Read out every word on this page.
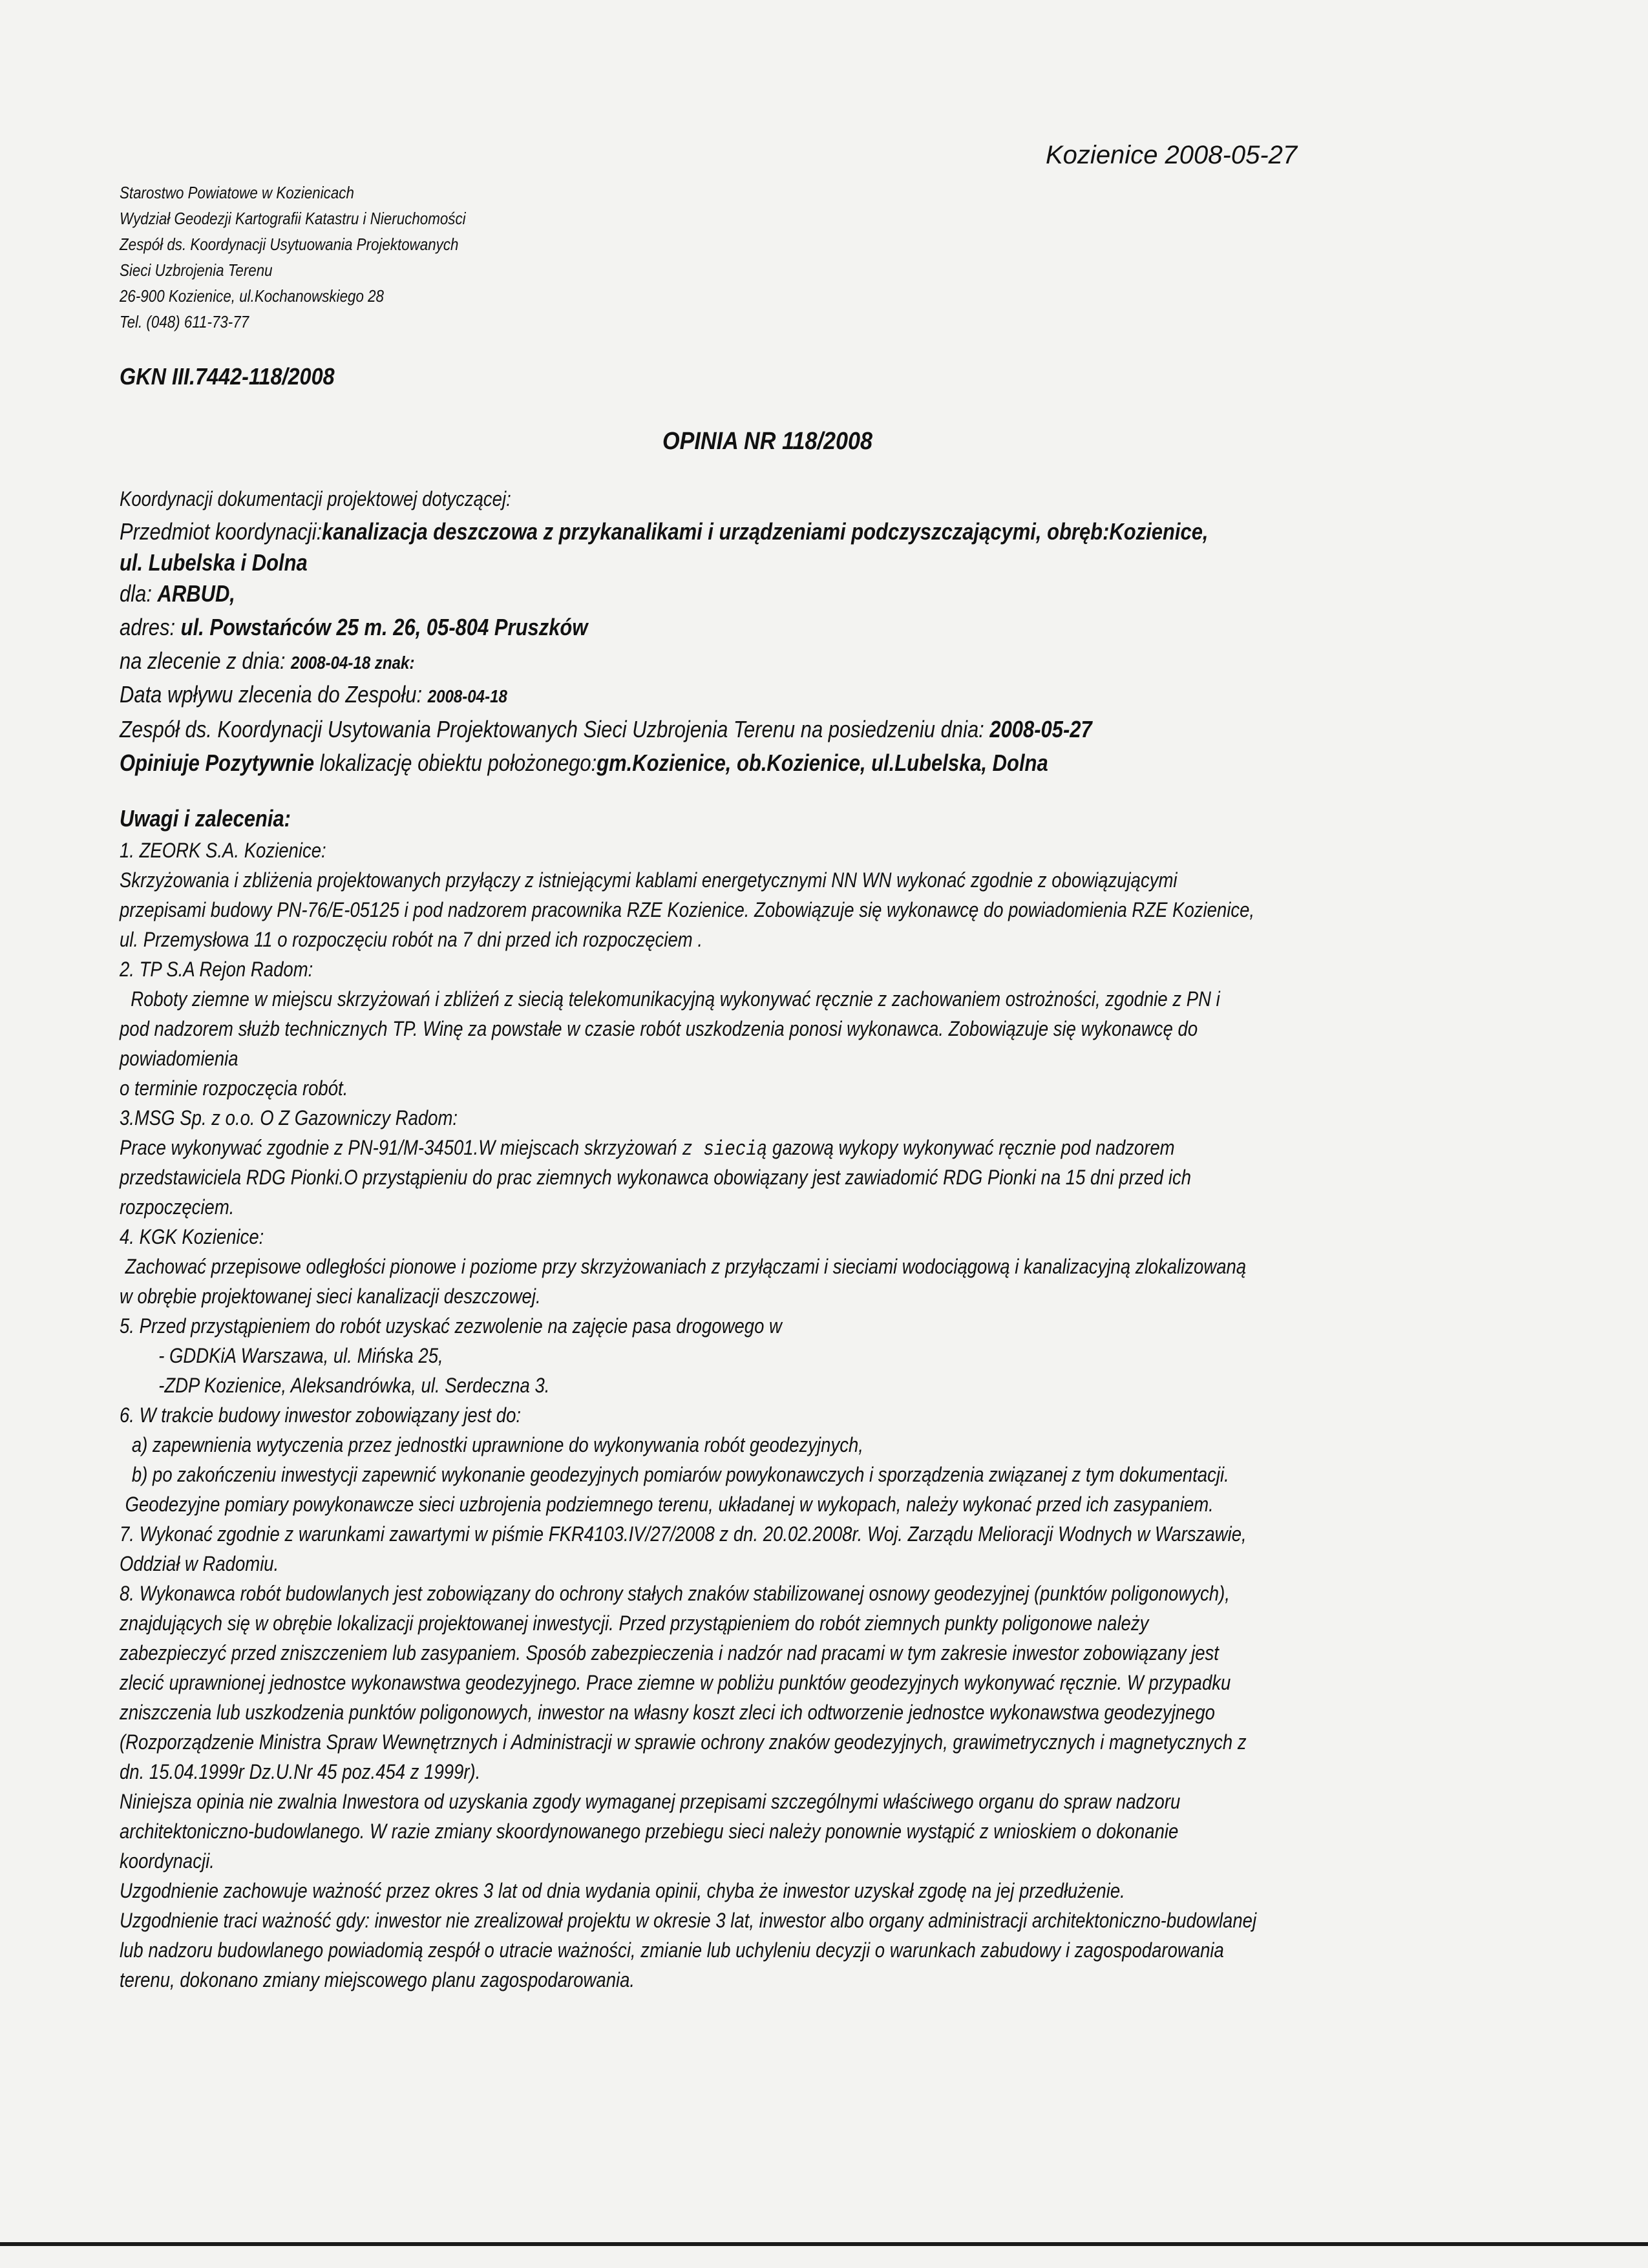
Kozienice 2008-05-27
Starostwo Powiatowe w Kozienicach
Wydział Geodezji Kartografii Katastru i Nieruchomości
Zespół ds. Koordynacji Usytuowania Projektowanych
Sieci Uzbrojenia Terenu
26-900 Kozienice, ul.Kochanowskiego 28
Tel. (048) 611-73-77
GKN III.7442-118/2008
OPINIA NR 118/2008
Koordynacji dokumentacji projektowej dotyczącej:
Przedmiot koordynacji:kanalizacja deszczowa z przykanalikami i urządzeniami podczyszczającymi, obręb:Kozienice,
ul. Lubelska i Dolna
dla: ARBUD,
adres: ul. Powstańców 25 m. 26, 05-804 Pruszków
na zlecenie z dnia: 2008-04-18 znak:
Data wpływu zlecenia do Zespołu: 2008-04-18
Zespół ds. Koordynacji Usytowania Projektowanych Sieci Uzbrojenia Terenu na posiedzeniu dnia: 2008-05-27
Opiniuje Pozytywnie lokalizację obiektu położonego:gm.Kozienice, ob.Kozienice, ul.Lubelska, Dolna
Uwagi i zalecenia:
1. ZEORK S.A. Kozienice:
Skrzyżowania i zbliżenia projektowanych przyłączy z istniejącymi kablami energetycznymi NN WN wykonać zgodnie z obowiązującymi
przepisami budowy PN-76/E-05125 i pod nadzorem pracownika RZE Kozienice. Zobowiązuje się wykonawcę do powiadomienia RZE Kozienice,
ul. Przemysłowa 11 o rozpoczęciu robót na 7 dni przed ich rozpoczęciem .
2. TP S.A Rejon Radom:
Roboty ziemne w miejscu skrzyżowań i zbliżeń z siecią telekomunikacyjną wykonywać ręcznie z zachowaniem ostrożności, zgodnie z PN i
pod nadzorem służb technicznych TP. Winę za powstałe w czasie robót uszkodzenia ponosi wykonawca. Zobowiązuje się wykonawcę do
powiadomienia
o terminie rozpoczęcia robót.
3.MSG Sp. z o.o. O Z Gazowniczy Radom:
Prace wykonywać zgodnie z PN-91/M-34501.W miejscach skrzyżowań z siecią gazową wykopy wykonywać ręcznie pod nadzorem
przedstawiciela RDG Pionki.O przystąpieniu do prac ziemnych wykonawca obowiązany jest zawiadomić RDG Pionki na 15 dni przed ich
rozpoczęciem.
4. KGK Kozienice:
Zachować przepisowe odległości pionowe i poziome przy skrzyżowaniach z przyłączami i sieciami wodociągową i kanalizacyjną zlokalizowaną
w obrębie projektowanej sieci kanalizacji deszczowej.
5. Przed przystąpieniem do robót uzyskać zezwolenie na zajęcie pasa drogowego w
- GDDKiA Warszawa, ul. Mińska 25,
-ZDP Kozienice, Aleksandrówka, ul. Serdeczna 3.
6. W trakcie budowy inwestor zobowiązany jest do:
a) zapewnienia wytyczenia przez jednostki uprawnione do wykonywania robót geodezyjnych,
b) po zakończeniu inwestycji zapewnić wykonanie geodezyjnych pomiarów powykonawczych i sporządzenia związanej z tym dokumentacji.
Geodezyjne pomiary powykonawcze sieci uzbrojenia podziemnego terenu, układanej w wykopach, należy wykonać przed ich zasypaniem.
7. Wykonać zgodnie z warunkami zawartymi w piśmie FKR4103.IV/27/2008 z dn. 20.02.2008r. Woj. Zarządu Melioracji Wodnych w Warszawie,
Oddział w Radomiu.
8. Wykonawca robót budowlanych jest zobowiązany do ochrony stałych znaków stabilizowanej osnowy geodezyjnej (punktów poligonowych),
znajdujących się w obrębie lokalizacji projektowanej inwestycji. Przed przystąpieniem do robót ziemnych punkty poligonowe należy
zabezpieczyć przed zniszczeniem lub zasypaniem. Sposób zabezpieczenia i nadzór nad pracami w tym zakresie inwestor zobowiązany jest
zlecić uprawnionej jednostce wykonawstwa geodezyjnego. Prace ziemne w pobliżu punktów geodezyjnych wykonywać ręcznie. W przypadku
zniszczenia lub uszkodzenia punktów poligonowych, inwestor na własny koszt zleci ich odtworzenie jednostce wykonawstwa geodezyjnego
(Rozporządzenie Ministra Spraw Wewnętrznych i Administracji w sprawie ochrony znaków geodezyjnych, grawimetrycznych i magnetycznych z
dn. 15.04.1999r Dz.U.Nr 45 poz.454 z 1999r).
Niniejsza opinia nie zwalnia Inwestora od uzyskania zgody wymaganej przepisami szczególnymi właściwego organu do spraw nadzoru
architektoniczno-budowlanego. W razie zmiany skoordynowanego przebiegu sieci należy ponownie wystąpić z wnioskiem o dokonanie
koordynacji.
Uzgodnienie zachowuje ważność przez okres 3 lat od dnia wydania opinii, chyba że inwestor uzyskał zgodę na jej przedłużenie.
Uzgodnienie traci ważność gdy: inwestor nie zrealizował projektu w okresie 3 lat, inwestor albo organy administracji architektoniczno-budowlanej
lub nadzoru budowlanego powiadomią zespół o utracie ważności, zmianie lub uchyleniu decyzji o warunkach zabudowy i zagospodarowania
terenu, dokonano zmiany miejscowego planu zagospodarowania.
